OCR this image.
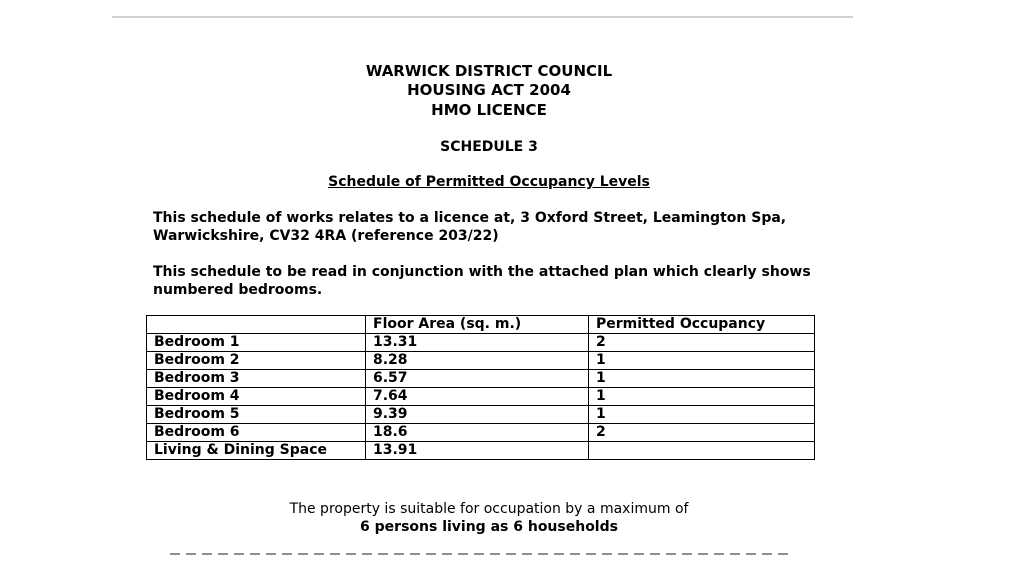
WARWICK DISTRICT COUNCIL
HOUSING ACT 2004
HMO LICENCE
SCHEDULE 3
Schedule of Permitted Occupancy Levels
This schedule of works relates to a licence at, 3 Oxford Street, Leamington Spa, Warwickshire, CV32 4RA (reference 203/22)
This schedule to be read in conjunction with the attached plan which clearly shows numbered bedrooms.
	Floor Area (sq. m.)	Permitted Occupancy
Bedroom 1	13.31	2
Bedroom 2	8.28	1
Bedroom 3	6.57	1
Bedroom 4	7.64	1
Bedroom 5	9.39	1
Bedroom 6	18.6	2
Living & Dining Space	13.91	
The property is suitable for occupation by a maximum of
6 persons living as 6 households
